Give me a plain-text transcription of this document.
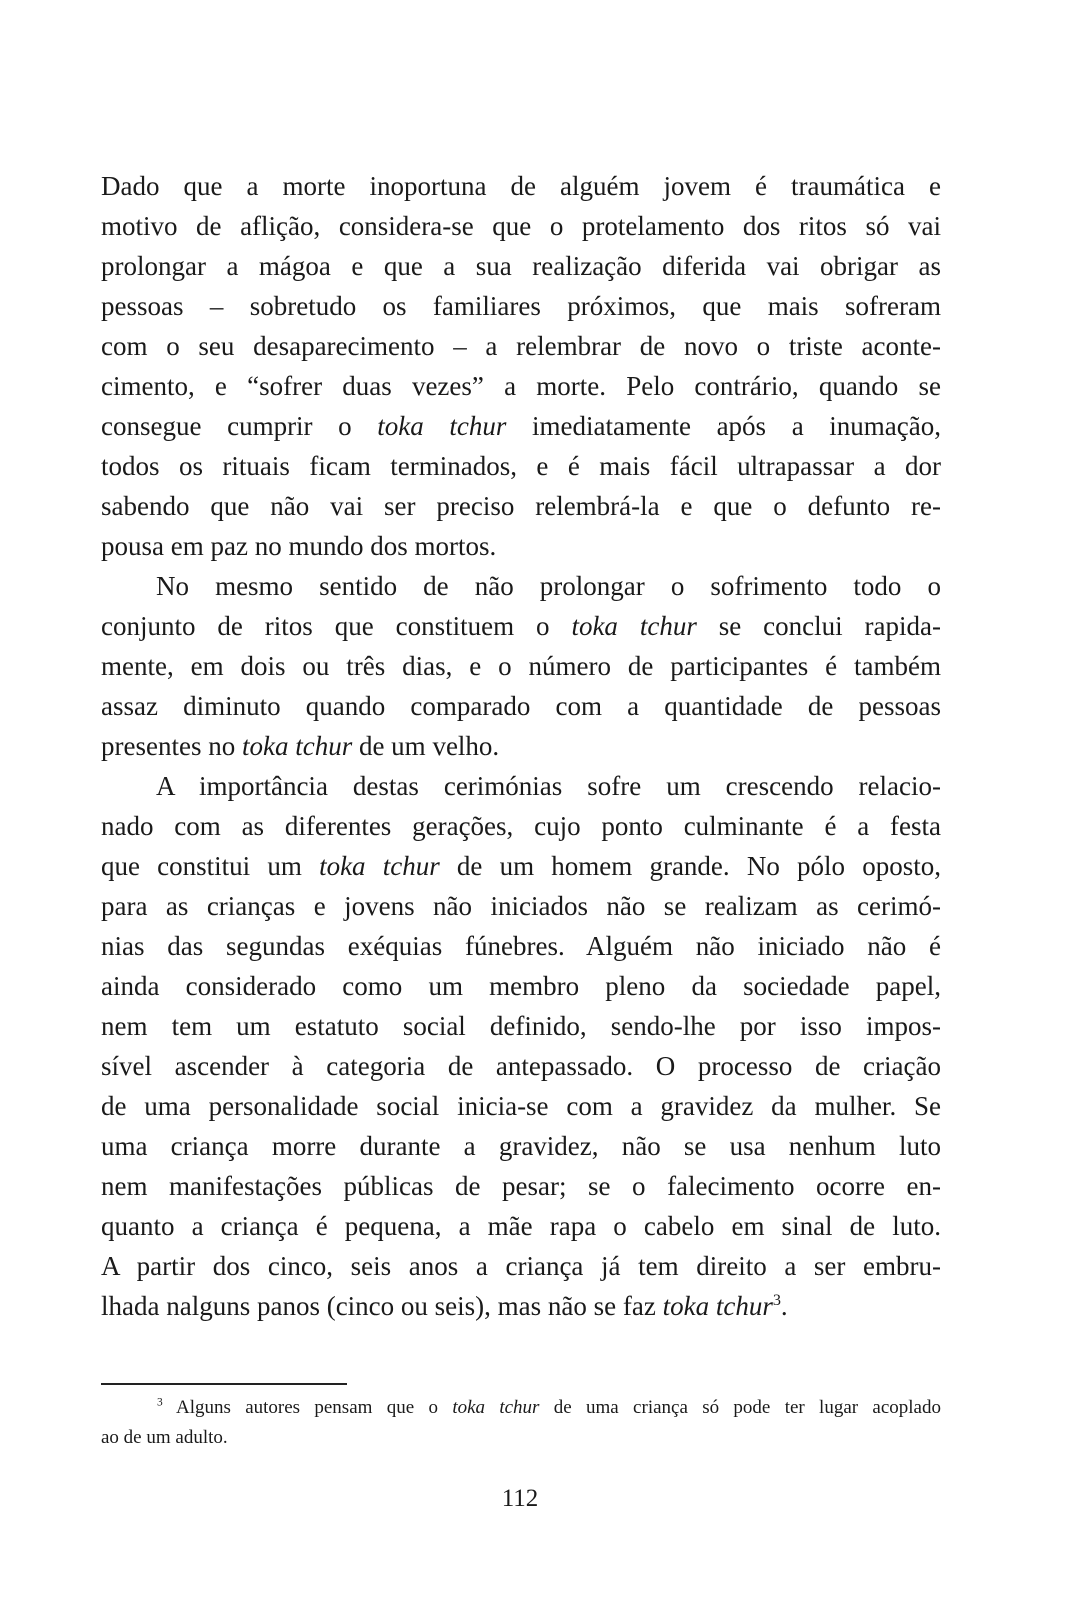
Dado que a morte inoportuna de alguém jovem é traumática e
motivo de aflição, considera-se que o protelamento dos ritos só vai
prolongar a mágoa e que a sua realização diferida vai obrigar as
pessoas – sobretudo os familiares próximos, que mais sofreram
com o seu desaparecimento – a relembrar de novo o triste aconte-
cimento, e “sofrer duas vezes” a morte. Pelo contrário, quando se
consegue cumprir o toka tchur imediatamente após a inumação,
todos os rituais ficam terminados, e é mais fácil ultrapassar a dor
sabendo que não vai ser preciso relembrá-la e que o defunto re-
pousa em paz no mundo dos mortos.
No mesmo sentido de não prolongar o sofrimento todo o
conjunto de ritos que constituem o toka tchur se conclui rapida-
mente, em dois ou três dias, e o número de participantes é também
assaz diminuto quando comparado com a quantidade de pessoas
presentes no toka tchur de um velho.
A importância destas cerimónias sofre um crescendo relacio-
nado com as diferentes gerações, cujo ponto culminante é a festa
que constitui um toka tchur de um homem grande. No pólo oposto,
para as crianças e jovens não iniciados não se realizam as cerimó-
nias das segundas exéquias fúnebres. Alguém não iniciado não é
ainda considerado como um membro pleno da sociedade papel,
nem tem um estatuto social definido, sendo-lhe por isso impos-
sível ascender à categoria de antepassado. O processo de criação
de uma personalidade social inicia-se com a gravidez da mulher. Se
uma criança morre durante a gravidez, não se usa nenhum luto
nem manifestações públicas de pesar; se o falecimento ocorre en-
quanto a criança é pequena, a mãe rapa o cabelo em sinal de luto.
A partir dos cinco, seis anos a criança já tem direito a ser embru-
lhada nalguns panos (cinco ou seis), mas não se faz toka tchur$^3$.
$^3$ Alguns autores pensam que o toka tchur de uma criança só pode ter lugar acoplado
ao de um adulto.
112
